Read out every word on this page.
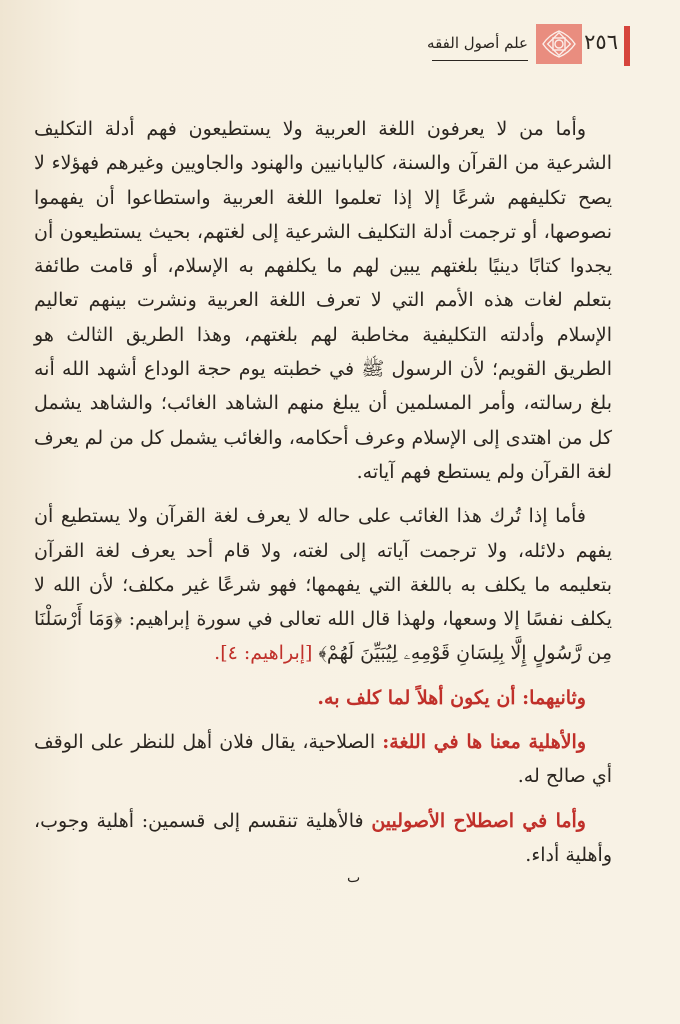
٢٥٦
علم أصول الفقه

وأما من لا يعرفون اللغة العربية ولا يستطيعون فهم أدلة التكليف الشرعية من القرآن والسنة، كاليابانيين والهنود والجاويين وغيرهم فهؤلاء لا يصح تكليفهم شرعًا إلا إذا تعلموا اللغة العربية واستطاعوا أن يفهموا نصوصها، أو ترجمت أدلة التكليف الشرعية إلى لغتهم، بحيث يستطيعون أن يجدوا كتابًا دينيًا بلغتهم يبين لهم ما يكلفهم به الإسلام، أو قامت طائفة بتعلم لغات هذه الأمم التي لا تعرف اللغة العربية ونشرت بينهم تعاليم الإسلام وأدلته التكليفية مخاطبة لهم بلغتهم، وهذا الطريق الثالث هو الطريق القويم؛ لأن الرسول ﷺ في خطبته يوم حجة الوداع أشهد الله أنه بلغ رسالته، وأمر المسلمين أن يبلغ منهم الشاهد الغائب؛ والشاهد يشمل كل من اهتدى إلى الإسلام وعرف أحكامه، والغائب يشمل كل من لم يعرف لغة القرآن ولم يستطع فهم آياته.

فأما إذا تُرك هذا الغائب على حاله لا يعرف لغة القرآن ولا يستطيع أن يفهم دلائله، ولا ترجمت آياته إلى لغته، ولا قام أحد يعرف لغة القرآن بتعليمه ما يكلف به باللغة التي يفهمها؛ فهو شرعًا غير مكلف؛ لأن الله لا يكلف نفسًا إلا وسعها، ولهذا قال الله تعالى في سورة إبراهيم: ﴿وَمَا أَرْسَلْنَا مِن رَّسُولٍ إِلَّا بِلِسَانِ قَوْمِهِۦ لِيُبَيِّنَ لَهُمْ﴾ [إبراهيم: ٤].

وثانيهما: أن يكون أهلاً لما كلف به.

والأهلية معنا ها في اللغة: الصلاحية، يقال فلان أهل للنظر على الوقف أي صالح له.

وأما في اصطلاح الأصوليين فالأهلية تنقسم إلى قسمين: أهلية وجوب، وأهلية أداء.

ٮ
